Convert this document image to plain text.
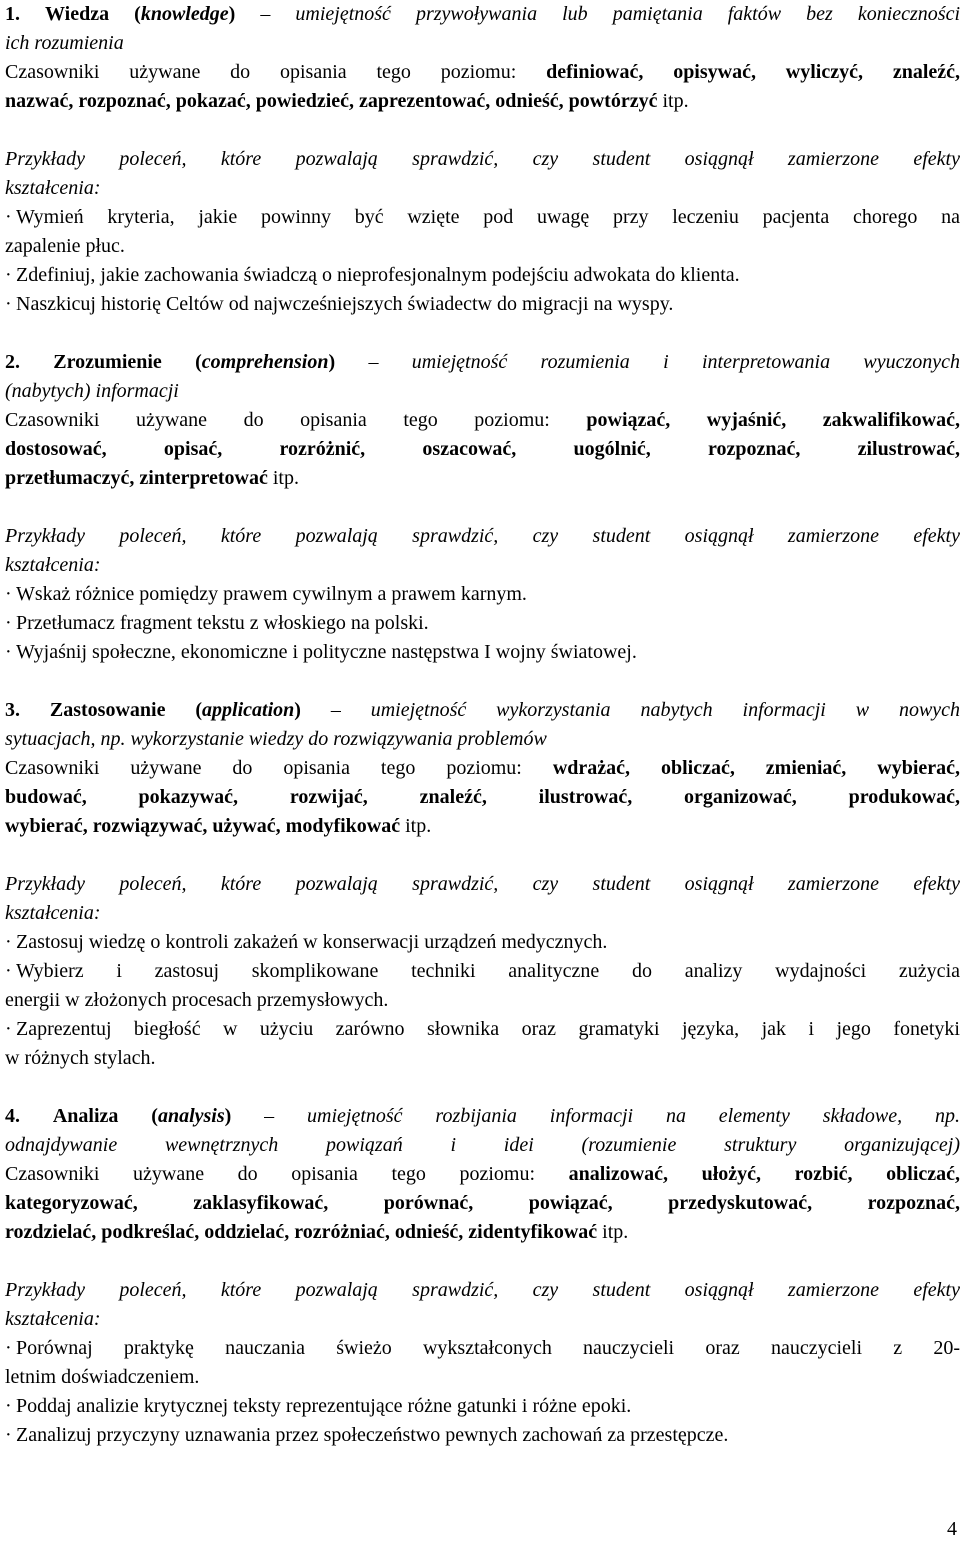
1. Wiedza (knowledge) – umiejętność przywoływania lub pamiętania faktów bez konieczności

ich rozumienia

Czasowniki używane do opisania tego poziomu: definiować, opisywać, wyliczyć, znaleźć,

nazwać, rozpoznać, pokazać, powiedzieć, zaprezentować, odnieść, powtórzyć itp.

Przykłady poleceń, które pozwalają sprawdzić, czy student osiągnął zamierzone efekty

kształcenia:

· Wymień kryteria, jakie powinny być wzięte pod uwagę przy leczeniu pacjenta chorego na

zapalenie płuc.

· Zdefiniuj, jakie zachowania świadczą o nieprofesjonalnym podejściu adwokata do klienta.

· Naszkicuj historię Celtów od najwcześniejszych świadectw do migracji na wyspy.

2. Zrozumienie (comprehension) – umiejętność rozumienia i interpretowania wyuczonych

(nabytych) informacji

Czasowniki używane do opisania tego poziomu: powiązać, wyjaśnić, zakwalifikować,

dostosować, opisać, rozróżnić, oszacować, uogólnić, rozpoznać, zilustrować,

przetłumaczyć, zinterpretować itp.

Przykłady poleceń, które pozwalają sprawdzić, czy student osiągnął zamierzone efekty

kształcenia:

· Wskaż różnice pomiędzy prawem cywilnym a prawem karnym.

· Przetłumacz fragment tekstu z włoskiego na polski.

· Wyjaśnij społeczne, ekonomiczne i polityczne następstwa I wojny światowej.

3. Zastosowanie (application) – umiejętność wykorzystania nabytych informacji w nowych

sytuacjach, np. wykorzystanie wiedzy do rozwiązywania problemów

Czasowniki używane do opisania tego poziomu: wdrażać, obliczać, zmieniać, wybierać,

budować, pokazywać, rozwijać, znaleźć, ilustrować, organizować, produkować,

wybierać, rozwiązywać, używać, modyfikować itp.

Przykłady poleceń, które pozwalają sprawdzić, czy student osiągnął zamierzone efekty

kształcenia:

· Zastosuj wiedzę o kontroli zakażeń w konserwacji urządzeń medycznych.

· Wybierz i zastosuj skomplikowane techniki analityczne do analizy wydajności zużycia

energii w złożonych procesach przemysłowych.

· Zaprezentuj biegłość w użyciu zarówno słownika oraz gramatyki języka, jak i jego fonetyki

w różnych stylach.

4. Analiza (analysis) – umiejętność rozbijania informacji na elementy składowe, np.

odnajdywanie wewnętrznych powiązań i idei (rozumienie struktury organizującej)

Czasowniki używane do opisania tego poziomu: analizować, ułożyć, rozbić, obliczać,

kategoryzować, zaklasyfikować, porównać, powiązać, przedyskutować, rozpoznać,

rozdzielać, podkreślać, oddzielać, rozróżniać, odnieść, zidentyfikować itp.

Przykłady poleceń, które pozwalają sprawdzić, czy student osiągnął zamierzone efekty

kształcenia:

· Porównaj praktykę nauczania świeżo wykształconych nauczycieli oraz nauczycieli z 20-

letnim doświadczeniem.

· Poddaj analizie krytycznej teksty reprezentujące różne gatunki i różne epoki.

· Zanalizuj przyczyny uznawania przez społeczeństwo pewnych zachowań za przestępcze.

4
